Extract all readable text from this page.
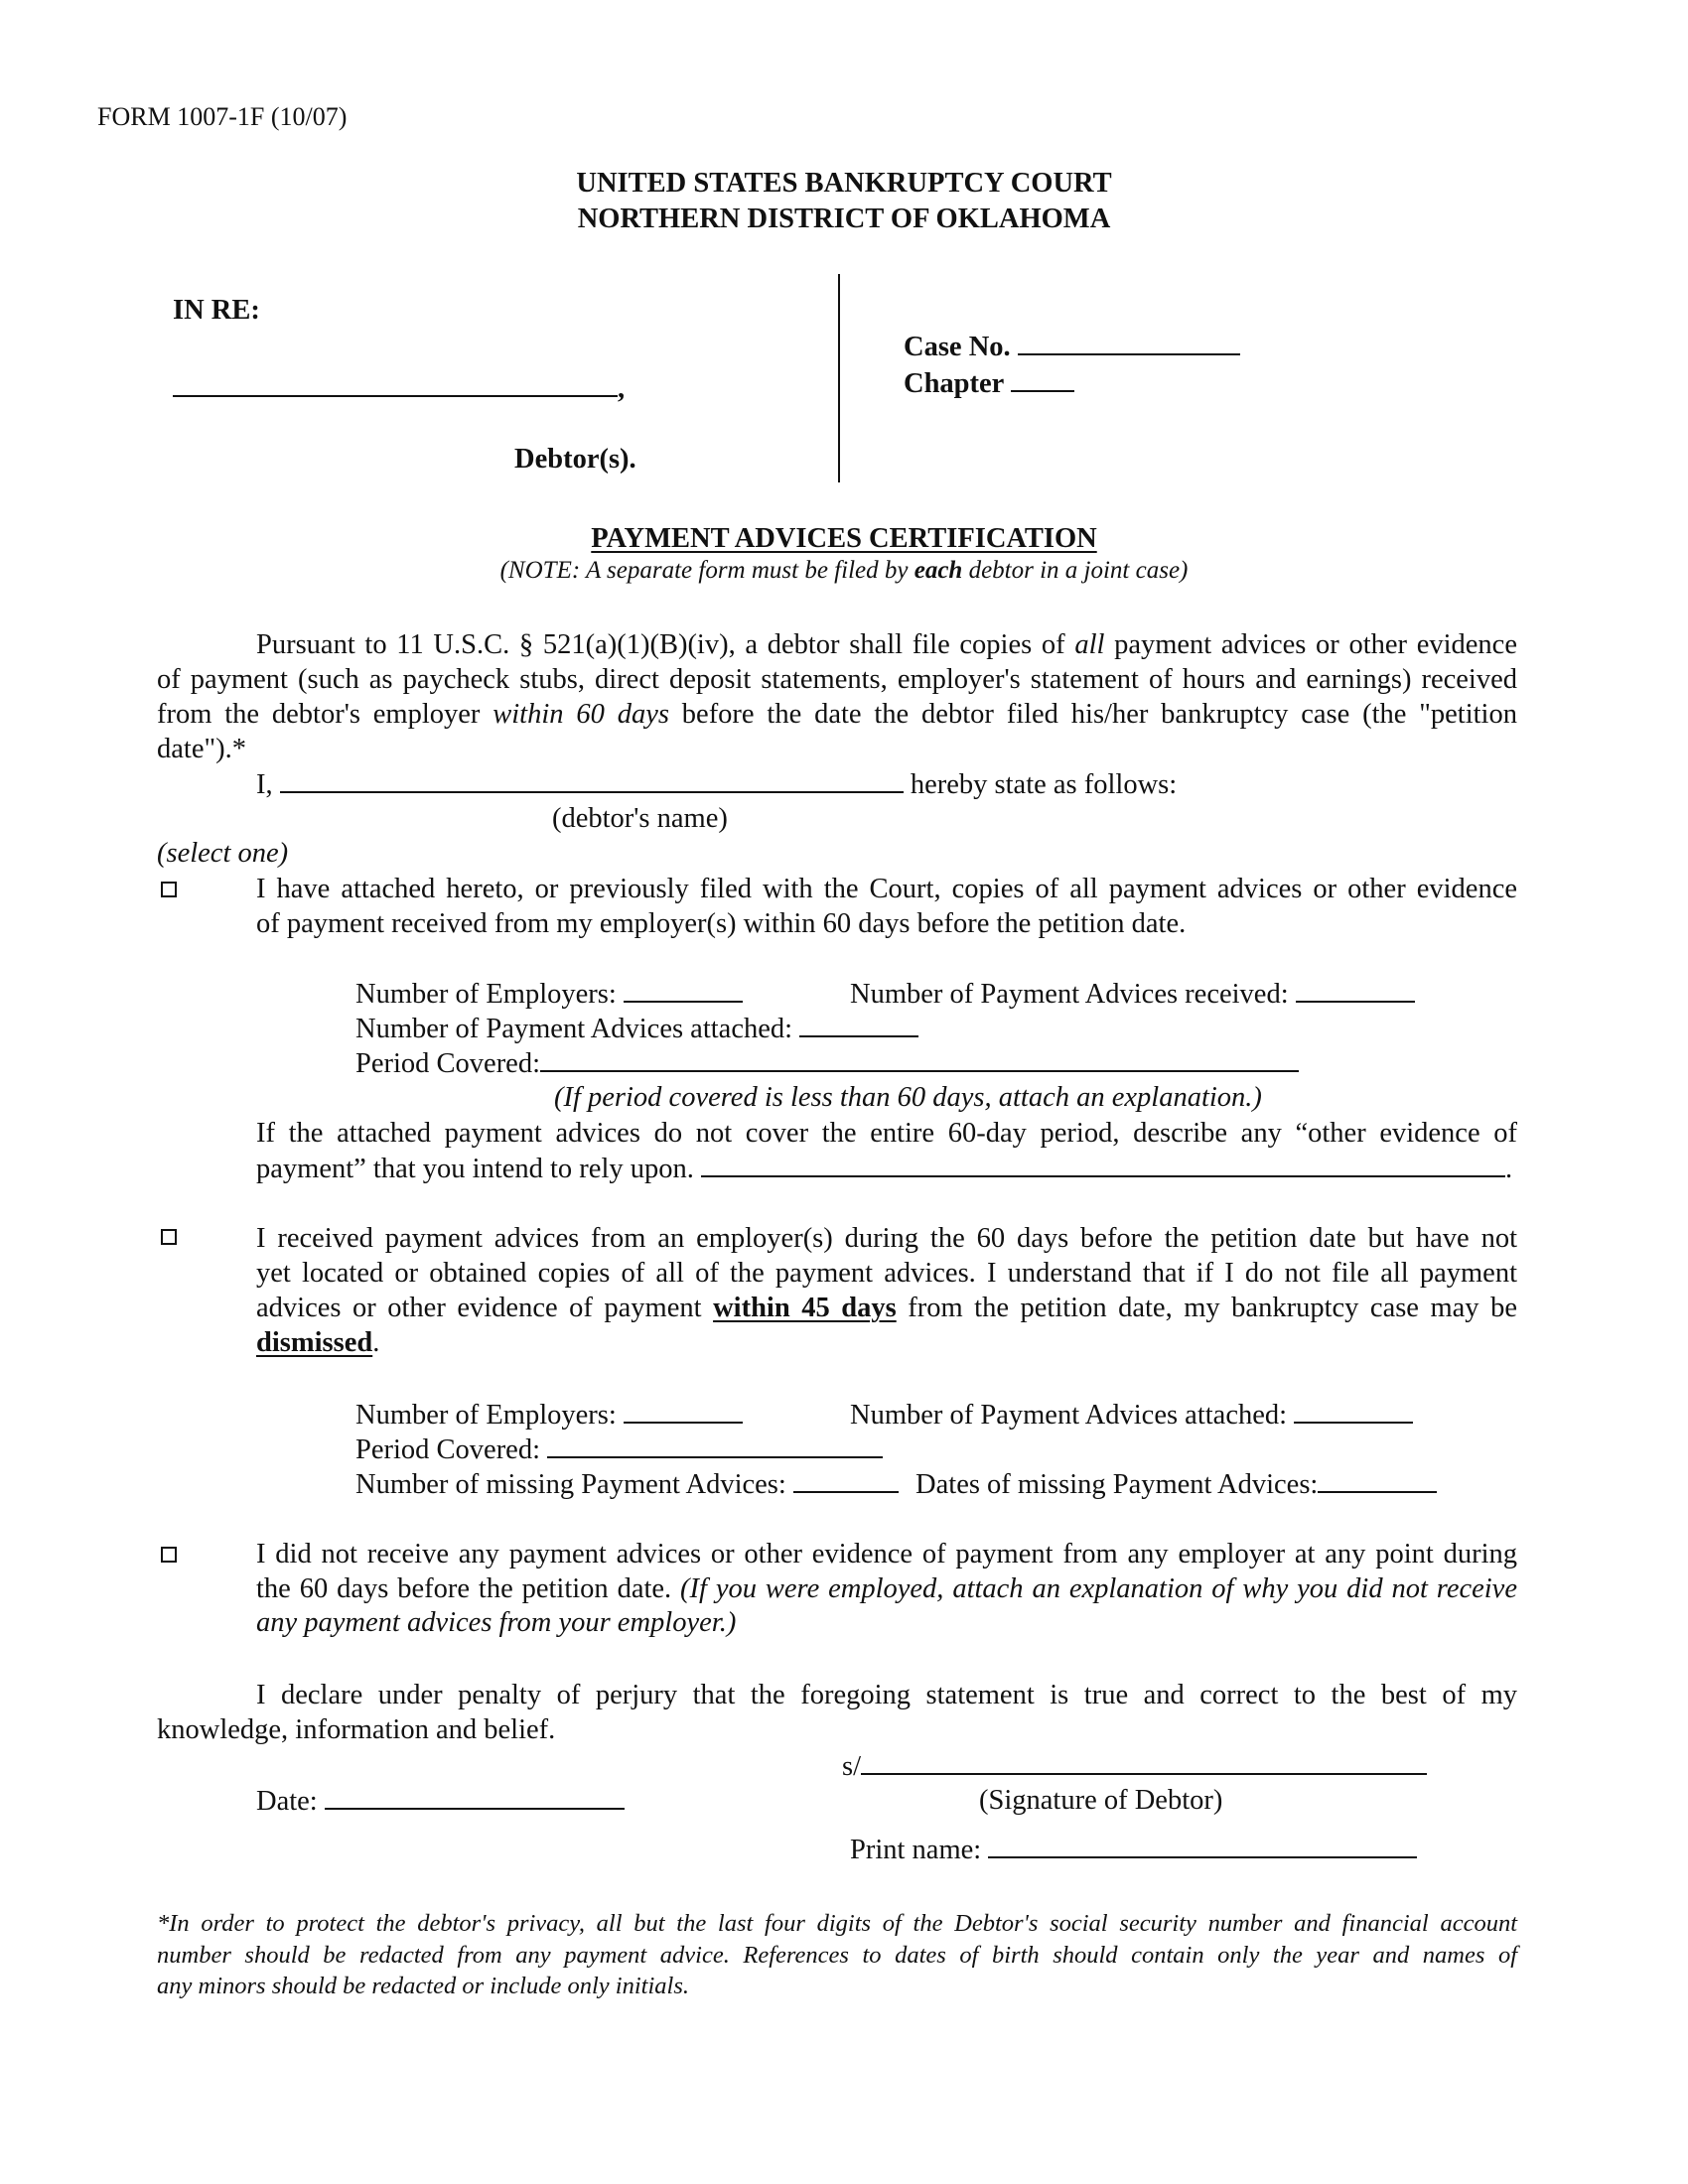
FORM 1007-1F (10/07)
UNITED STATES BANKRUPTCY COURT
NORTHERN DISTRICT OF OKLAHOMA
IN RE:
,
Debtor(s).
Case No.
Chapter
PAYMENT ADVICES CERTIFICATION
(NOTE: A separate form must be filed by each debtor in a joint case)
Pursuant to 11 U.S.C. § 521(a)(1)(B)(iv), a debtor shall file copies of all payment advices or other evidence
of payment (such as paycheck stubs, direct deposit statements, employer's statement of hours and earnings) received
from the debtor's employer within 60 days before the date the debtor filed his/her bankruptcy case (the "petition
date").*
I,	hereby state as follows:
(debtor's name)
(select one)
I have attached hereto, or previously filed with the Court, copies of all payment advices or other evidence
of payment received from my employer(s) within 60 days before the petition date.
Number of Employers:	Number of Payment Advices received:
Number of Payment Advices attached:
Period Covered:
(If period covered is less than 60 days, attach an explanation.)
If the attached payment advices do not cover the entire 60-day period, describe any “other evidence of
payment” that you intend to rely upon.	.
I received payment advices from an employer(s) during the 60 days before the petition date but have not
yet located or obtained copies of all of the payment advices. I understand that if I do not file all payment
advices or other evidence of payment within 45 days from the petition date, my bankruptcy case may be
dismissed.
Number of Employers:	Number of Payment Advices attached:
Period Covered:
Number of missing Payment Advices:	Dates of missing Payment Advices:
I did not receive any payment advices or other evidence of payment from any employer at any point during
the 60 days before the petition date. (If you were employed, attach an explanation of why you did not receive
any payment advices from your employer.)
I declare under penalty of perjury that the foregoing statement is true and correct to the best of my
knowledge, information and belief.
s/
(Signature of Debtor)
Date:
Print name:
*In order to protect the debtor's privacy, all but the last four digits of the Debtor's social security number and financial account
number should be redacted from any payment advice. References to dates of birth should contain only the year and names of
any minors should be redacted or include only initials.
